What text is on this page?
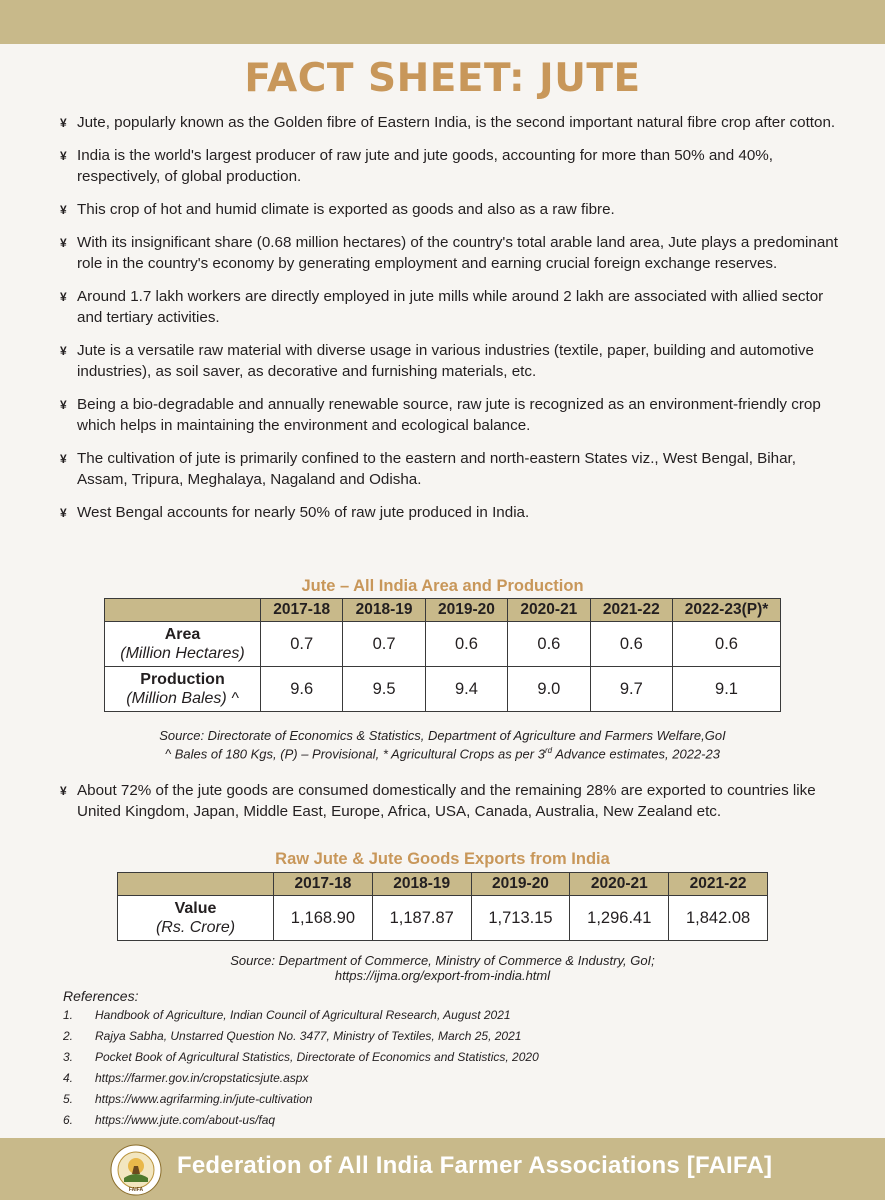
FACT SHEET: JUTE
¥ Jute, popularly known as the Golden fibre of Eastern India, is the second important natural fibre crop after cotton.
¥ India is the world's largest producer of raw jute and jute goods, accounting for more than 50% and 40%, respectively, of global production.
¥ This crop of hot and humid climate is exported as goods and also as a raw fibre.
¥ With its insignificant share (0.68 million hectares) of the country's total arable land area, Jute plays a predominant role in the country's economy by generating employment and earning crucial foreign exchange reserves.
¥ Around 1.7 lakh workers are directly employed in jute mills while around 2 lakh are associated with allied sector and tertiary activities.
¥ Jute is a versatile raw material with diverse usage in various industries (textile, paper, building and automotive industries), as soil saver, as decorative and furnishing materials, etc.
¥ Being a bio-degradable and annually renewable source, raw jute is recognized as an environment-friendly crop which helps in maintaining the environment and ecological balance.
¥ The cultivation of jute is primarily confined to the eastern and north-eastern States viz., West Bengal, Bihar, Assam, Tripura, Meghalaya, Nagaland and Odisha.
¥ West Bengal accounts for nearly 50% of raw jute produced in India.
Jute – All India Area and Production
	2017-18	2018-19	2019-20	2020-21	2021-22	2022-23(P)*

Area
(Million Hectares)	0.7	0.7	0.6	0.6	0.6	0.6

Production
(Million Bales) ^	9.6	9.5	9.4	9.0	9.7	9.1
Source: Directorate of Economics & Statistics, Department of Agriculture and Farmers Welfare,GoI
^ Bales of 180 Kgs, (P) – Provisional, * Agricultural Crops as per 3rd Advance estimates, 2022-23
¥ About 72% of the jute goods are consumed domestically and the remaining 28% are exported to countries like United Kingdom, Japan, Middle East, Europe, Africa, USA, Canada, Australia, New Zealand etc.
Raw Jute & Jute Goods Exports from India
	2017-18	2018-19	2019-20	2020-21	2021-22

Value
(Rs. Crore)	1,168.90	1,187.87	1,713.15	1,296.41	1,842.08
Source: Department of Commerce, Ministry of Commerce & Industry, GoI;
https://ijma.org/export-from-india.html
References:
1.	Handbook of Agriculture, Indian Council of Agricultural Research, August 2021
2.	Rajya Sabha, Unstarred Question No. 3477, Ministry of Textiles, March 25, 2021
3.	Pocket Book of Agricultural Statistics, Directorate of Economics and Statistics, 2020
4.	https://farmer.gov.in/cropstaticsjute.aspx
5.	https://www.agrifarming.in/jute-cultivation
6.	https://www.jute.com/about-us/faq
FAIFA
Federation of All India Farmer Associations [FAIFA]
